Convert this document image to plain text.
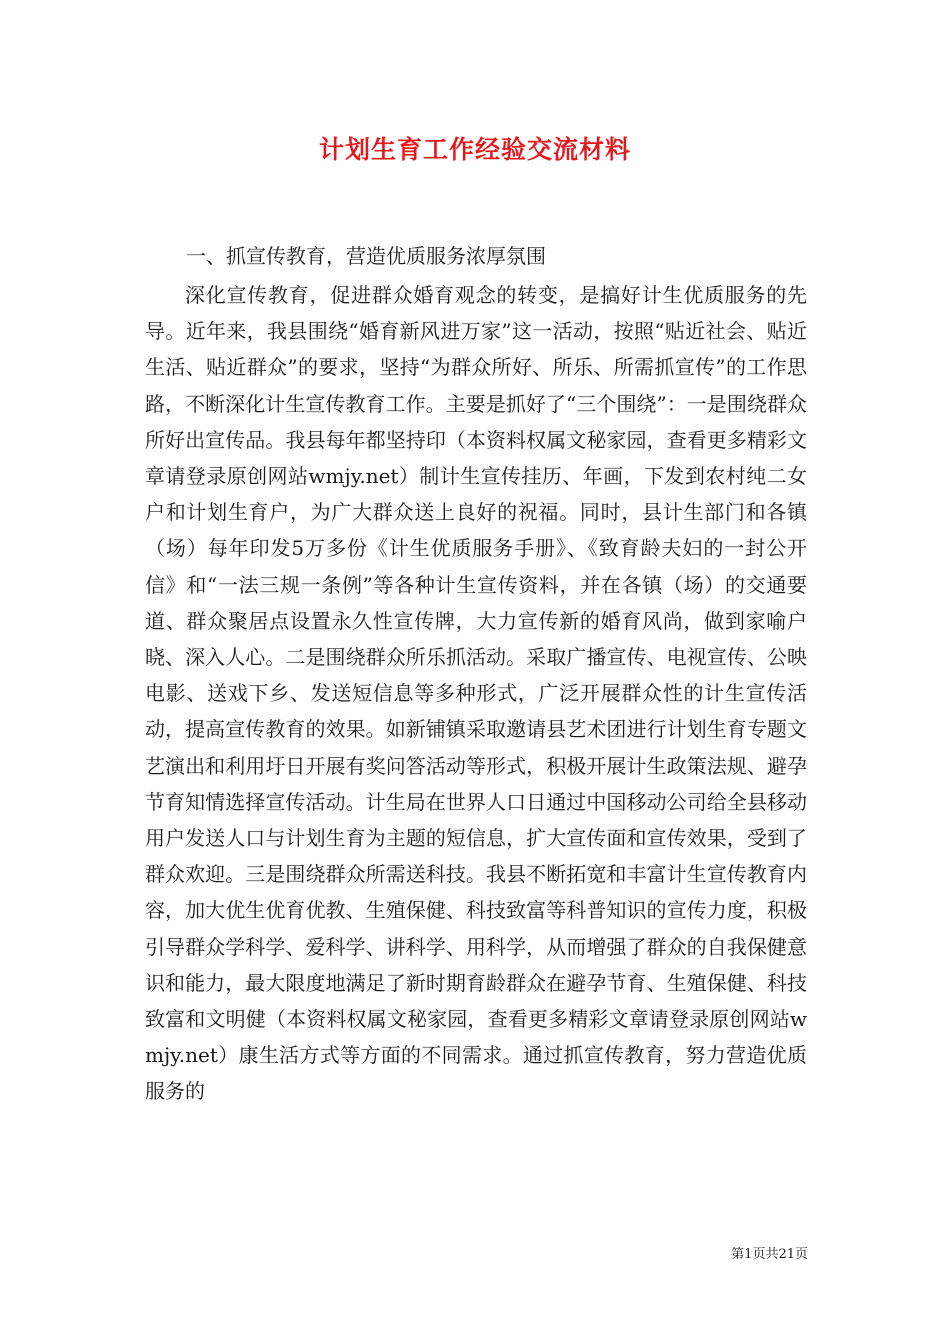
计划生育工作经验交流材料
一、抓宣传教育，营造优质服务浓厚氛围

深化宣传教育，促进群众婚育观念的转变，是搞好计生优质服务的先导。近年来，我县围绕“婚育新风进万家”这一活动，按照“贴近社会、贴近生活、贴近群众”的要求，坚持“为群众所好、所乐、所需抓宣传”的工作思路，不断深化计生宣传教育工作。主要是抓好了“三个围绕”：一是围绕群众所好出宣传品。我县每年都坚持印（本资料权属文秘家园，查看更多精彩文章请登录原创网站wmjy.net）制计生宣传挂历、年画，下发到农村纯二女户和计划生育户，为广大群众送上良好的祝福。同时，县计生部门和各镇（场）每年印发5万多份《计生优质服务手册》、《致育龄夫妇的一封公开信》和“一法三规一条例”等各种计生宣传资料，并在各镇（场）的交通要道、群众聚居点设置永久性宣传牌，大力宣传新的婚育风尚，做到家喻户晓、深入人心。二是围绕群众所乐抓活动。采取广播宣传、电视宣传、公映电影、送戏下乡、发送短信息等多种形式，广泛开展群众性的计生宣传活动，提高宣传教育的效果。如新铺镇采取邀请县艺术团进行计划生育专题文艺演出和利用圩日开展有奖问答活动等形式，积极开展计生政策法规、避孕节育知情选择宣传活动。计生局在世界人口日通过中国移动公司给全县移动用户发送人口与计划生育为主题的短信息，扩大宣传面和宣传效果，受到了群众欢迎。三是围绕群众所需送科技。我县不断拓宽和丰富计生宣传教育内容，加大优生优育优教、生殖保健、科技致富等科普知识的宣传力度，积极引导群众学科学、爱科学、讲科学、用科学，从而增强了群众的自我保健意识和能力，最大限度地满足了新时期育龄群众在避孕节育、生殖保健、科技致富和文明健（本资料权属文秘家园，查看更多精彩文章请登录原创网站wmjy.net）康生活方式等方面的不同需求。通过抓宣传教育，努力营造优质服务的

第1页共21页
